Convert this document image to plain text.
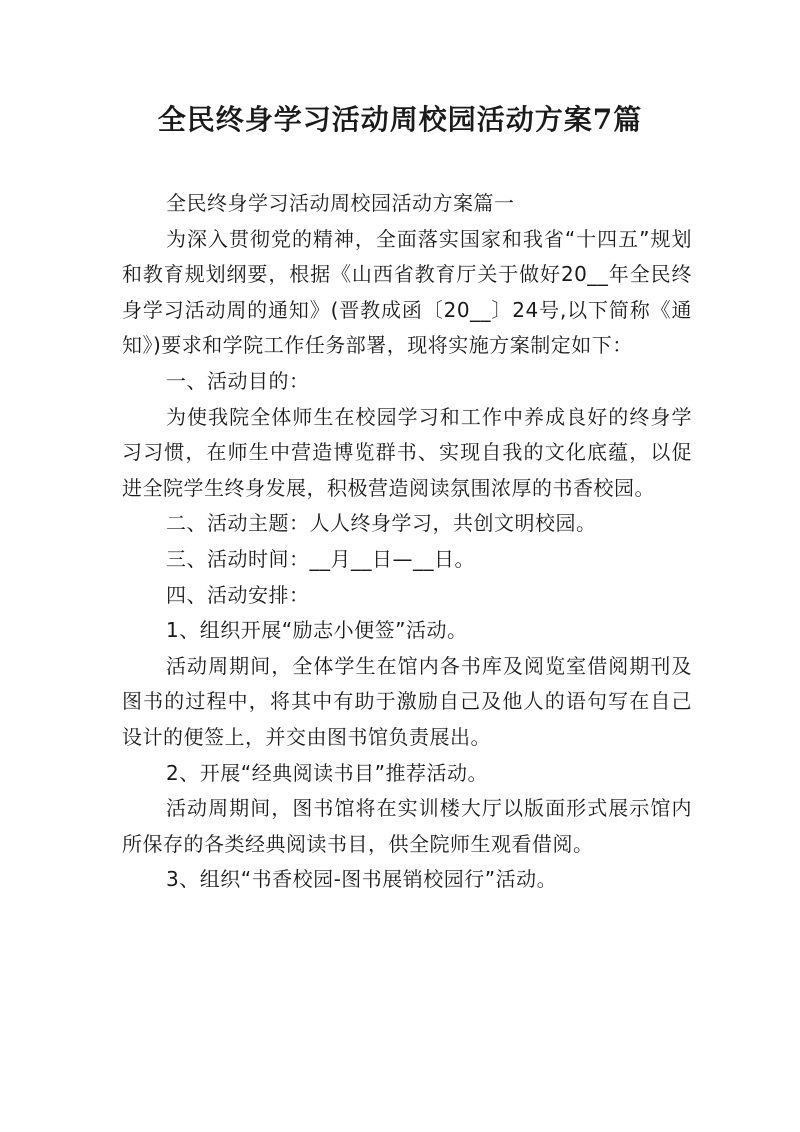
全民终身学习活动周校园活动方案7篇

全民终身学习活动周校园活动方案篇一

为深入贯彻党的精神，全面落实国家和我省“十四五”规划和教育规划纲要，根据《山西省教育厅关于做好20__年全民终身学习活动周的通知》(晋教成函〔20__〕24号,以下简称《通知》)要求和学院工作任务部署，现将实施方案制定如下：

一、活动目的：

为使我院全体师生在校园学习和工作中养成良好的终身学习习惯，在师生中营造博览群书、实现自我的文化底蕴，以促进全院学生终身发展，积极营造阅读氛围浓厚的书香校园。

二、活动主题：人人终身学习，共创文明校园。

三、活动时间：__月__日—__日。

四、活动安排：

1、组织开展“励志小便签”活动。

活动周期间，全体学生在馆内各书库及阅览室借阅期刊及图书的过程中，将其中有助于激励自己及他人的语句写在自己设计的便签上，并交由图书馆负责展出。

2、开展“经典阅读书目”推荐活动。

活动周期间，图书馆将在实训楼大厅以版面形式展示馆内所保存的各类经典阅读书目，供全院师生观看借阅。

3、组织“书香校园-图书展销校园行”活动。
